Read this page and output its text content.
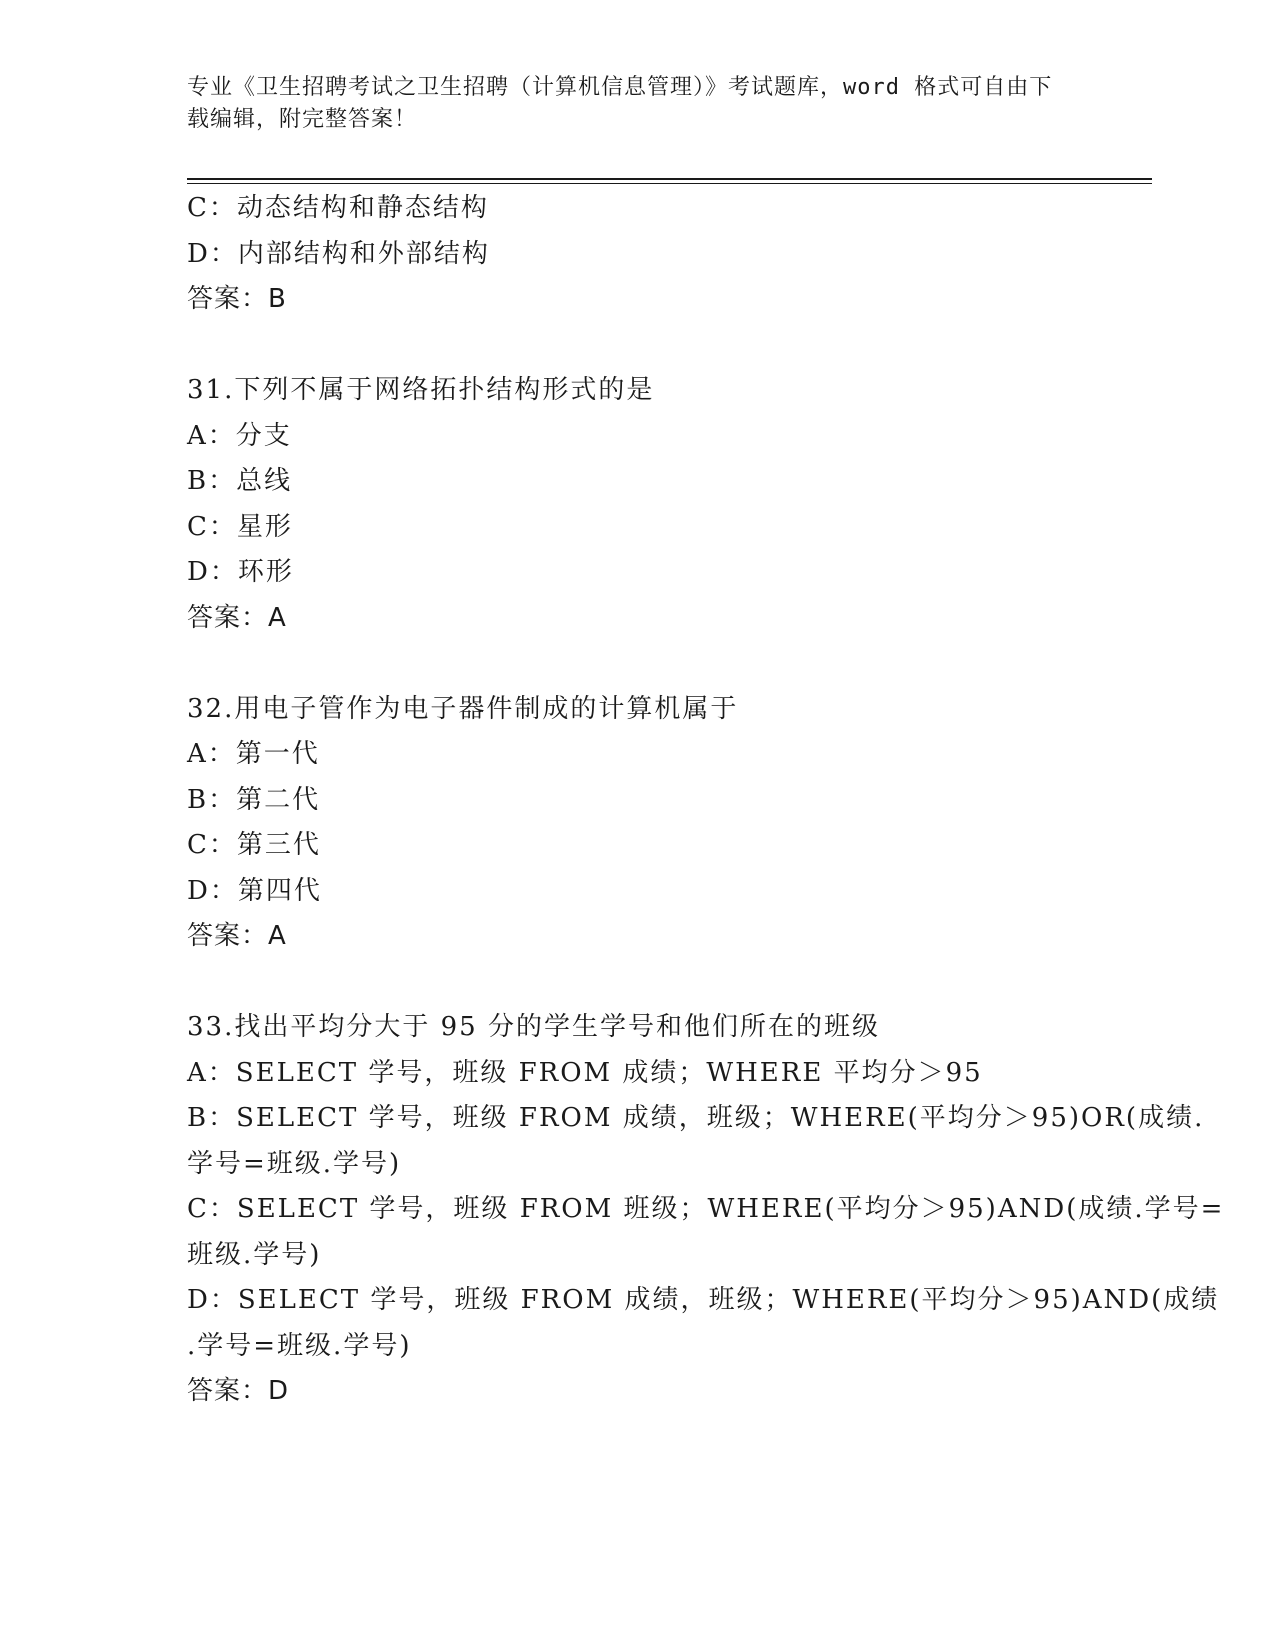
专业《卫生招聘考试之卫生招聘（计算机信息管理）》考试题库，word 格式可自由下载编辑，附完整答案！
C：动态结构和静态结构
D：内部结构和外部结构
答案：B
31.下列不属于网络拓扑结构形式的是
A：分支
B：总线
C：星形
D：环形
答案：A
32.用电子管作为电子器件制成的计算机属于
A：第一代
B：第二代
C：第三代
D：第四代
答案：A
33.找出平均分大于 95 分的学生学号和他们所在的班级
A：SELECT 学号，班级 FROM 成绩；WHERE 平均分＞95
B：SELECT 学号，班级 FROM 成绩，班级；WHERE(平均分＞95)OR(成绩.
学号=班级.学号)
C：SELECT 学号，班级 FROM 班级；WHERE(平均分＞95)AND(成绩.学号=
班级.学号)
D：SELECT 学号，班级 FROM 成绩，班级；WHERE(平均分＞95)AND(成绩
.学号=班级.学号)
答案：D
